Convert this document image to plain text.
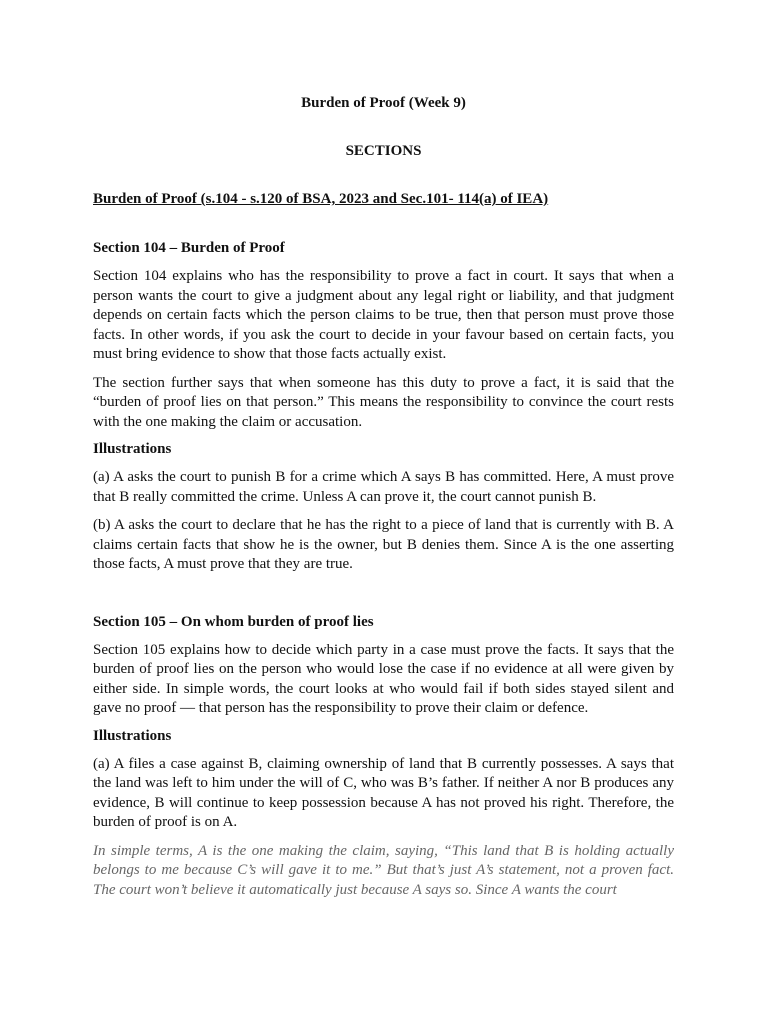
Burden of Proof (Week 9)
SECTIONS
Burden of Proof (s.104 - s.120 of BSA, 2023 and Sec.101- 114(a) of IEA)
Section 104 – Burden of Proof

Section 104 explains who has the responsibility to prove a fact in court. It says that when a person wants the court to give a judgment about any legal right or liability, and that judgment depends on certain facts which the person claims to be true, then that person must prove those facts. In other words, if you ask the court to decide in your favour based on certain facts, you must bring evidence to show that those facts actually exist.

The section further says that when someone has this duty to prove a fact, it is said that the “burden of proof lies on that person.” This means the responsibility to convince the court rests with the one making the claim or accusation.

Illustrations

(a) A asks the court to punish B for a crime which A says B has committed. Here, A must prove that B really committed the crime. Unless A can prove it, the court cannot punish B.

(b) A asks the court to declare that he has the right to a piece of land that is currently with B. A claims certain facts that show he is the owner, but B denies them. Since A is the one asserting those facts, A must prove that they are true.

Section 105 – On whom burden of proof lies

Section 105 explains how to decide which party in a case must prove the facts. It says that the burden of proof lies on the person who would lose the case if no evidence at all were given by either side. In simple words, the court looks at who would fail if both sides stayed silent and gave no proof — that person has the responsibility to prove their claim or defence.

Illustrations

(a) A files a case against B, claiming ownership of land that B currently possesses. A says that the land was left to him under the will of C, who was B’s father. If neither A nor B produces any evidence, B will continue to keep possession because A has not proved his right. Therefore, the burden of proof is on A.

In simple terms, A is the one making the claim, saying, “This land that B is holding actually belongs to me because C’s will gave it to me.” But that’s just A’s statement, not a proven fact. The court won’t believe it automatically just because A says so. Since A wants the court
